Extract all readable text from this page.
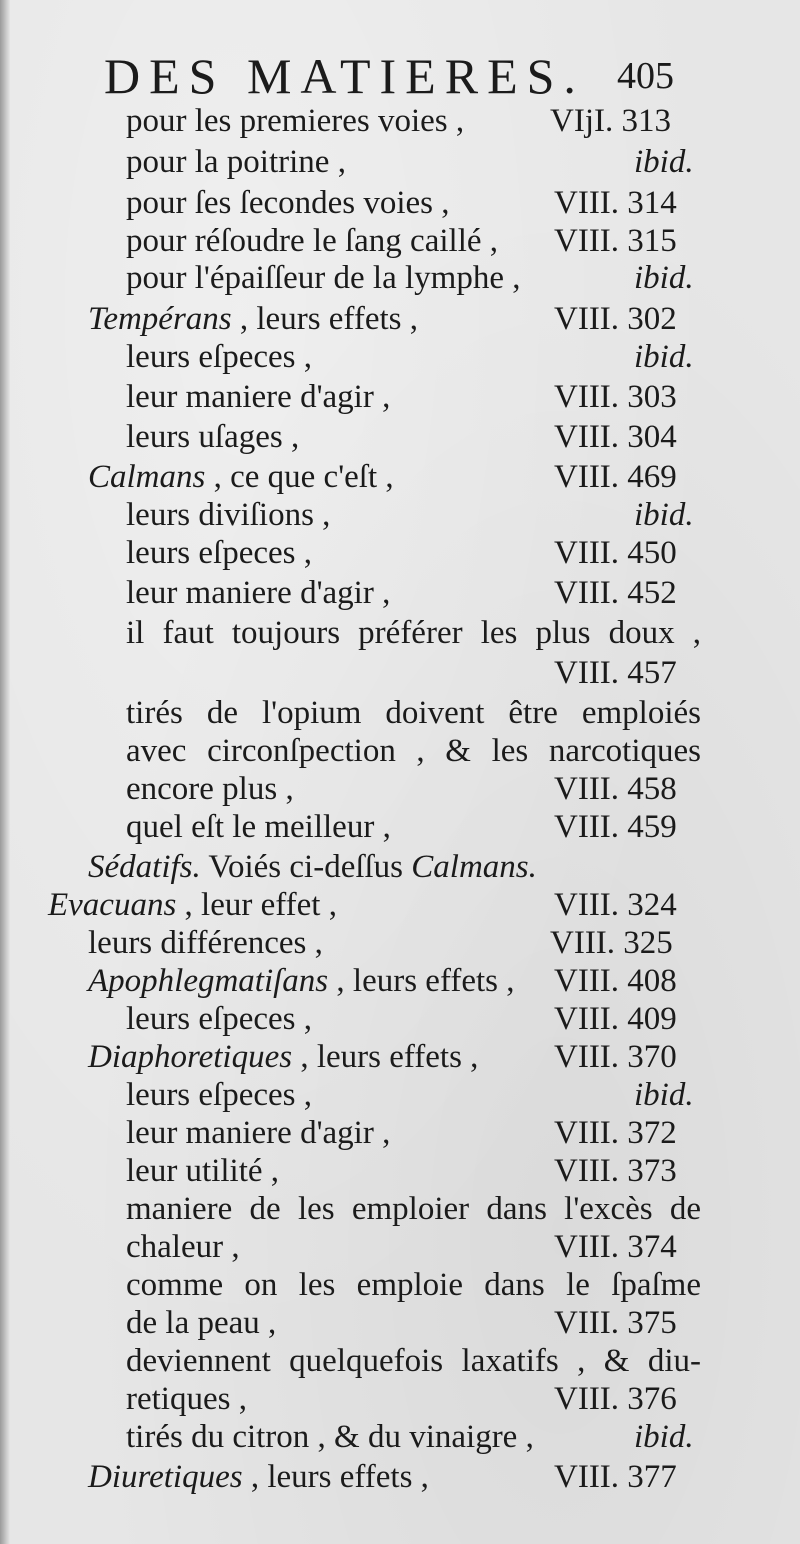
DES MATIERES. 405
pour les premieres voies ,	VIjI. 313
pour la poitrine ,	ibid.
pour ſes ſecondes voies ,	VIII. 314
pour réſoudre le ſang caillé , VIII. 315
pour l'épaiſſeur de la lymphe ,	ibid.
Tempérans , leurs effets ,	VIII. 302
leurs eſpeces ,	ibid.
leur maniere d'agir ,	VIII. 303
leurs uſages ,	VIII. 304
Calmans , ce que c'eſt ,	VIII. 469
leurs diviſions ,	ibid.
leurs eſpeces ,	VIII. 450
leur maniere d'agir ,	VIII. 452
il faut toujours préférer les plus doux ,
VIII. 457
tirés de l'opium doivent être emploiés
avec circonſpection , & les narcotiques
encore plus ,	VIII. 458
quel eſt le meilleur ,	VIII. 459
Sédatifs. Voiés ci-deſſus Calmans.
Evacuans , leur effet ,	VIII. 324
leurs différences ,	VIII. 325
Apophlegmatiſans , leurs effets , VIII. 408
leurs eſpeces ,	VIII. 409
Diaphoretiques , leurs effets , VIII. 370
leurs eſpeces ,	ibid.
leur maniere d'agir ,	VIII. 372
leur utilité ,	VIII. 373
maniere de les emploier dans l'excès de
chaleur ,	VIII. 374
comme on les emploie dans le ſpaſme
de la peau ,	VIII. 375
deviennent quelquefois laxatifs , & diu-
retiques ,	VIII. 376
tirés du citron , & du vinaigre ,	ibid.
Diuretiques , leurs effets ,	VIII. 377
